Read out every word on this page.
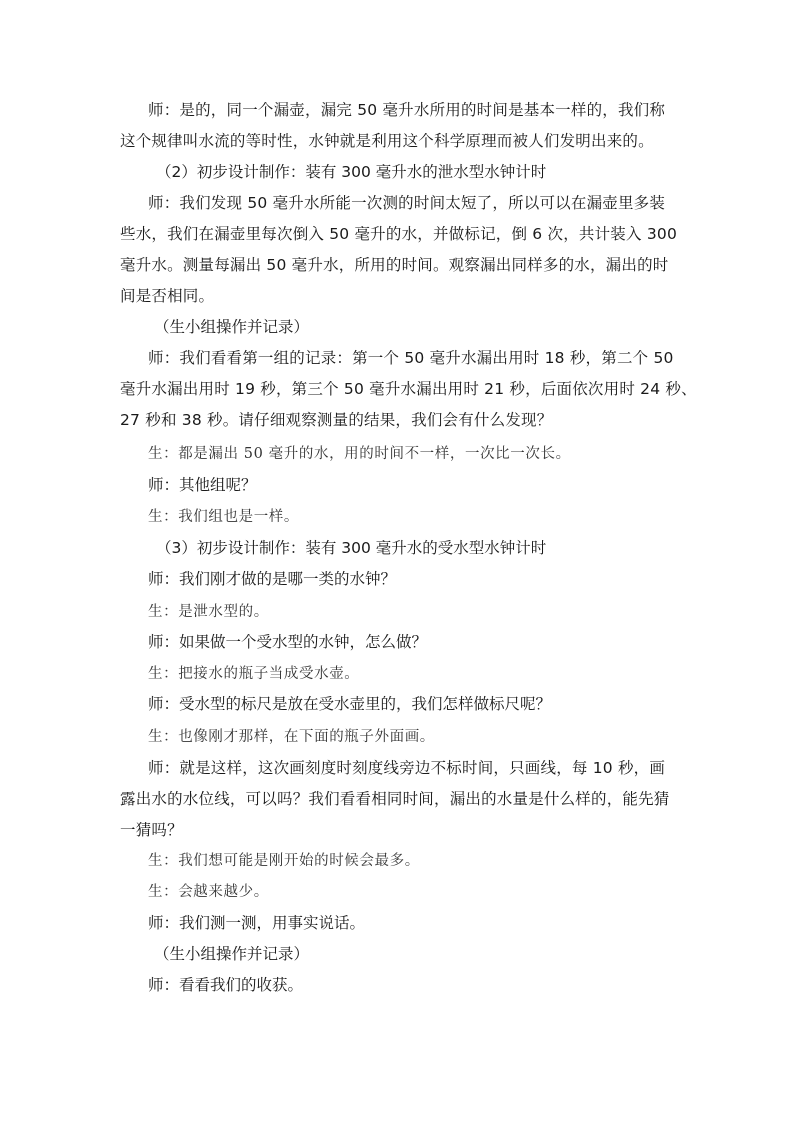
师：是的，同一个漏壶，漏完 50 毫升水所用的时间是基本一样的，我们称
这个规律叫水流的等时性，水钟就是利用这个科学原理而被人们发明出来的。

（2）初步设计制作：装有 300 毫升水的泄水型水钟计时

师：我们发现 50 毫升水所能一次测的时间太短了，所以可以在漏壶里多装
些水，我们在漏壶里每次倒入 50 毫升的水，并做标记，倒 6 次，共计装入 300
毫升水。测量每漏出 50 毫升水，所用的时间。观察漏出同样多的水，漏出的时
间是否相同。

（生小组操作并记录）

师：我们看看第一组的记录：第一个 50 毫升水漏出用时 18 秒，第二个 50
毫升水漏出用时 19 秒，第三个 50 毫升水漏出用时 21 秒，后面依次用时 24 秒、
27 秒和 38 秒。请仔细观察测量的结果，我们会有什么发现？

生：都是漏出 50 毫升的水，用的时间不一样，一次比一次长。

师：其他组呢？

生：我们组也是一样。

（3）初步设计制作：装有 300 毫升水的受水型水钟计时

师：我们刚才做的是哪一类的水钟？

生：是泄水型的。

师：如果做一个受水型的水钟，怎么做？

生：把接水的瓶子当成受水壶。

师：受水型的标尺是放在受水壶里的，我们怎样做标尺呢？

生：也像刚才那样，在下面的瓶子外面画。

师：就是这样，这次画刻度时刻度线旁边不标时间，只画线，每 10 秒，画
露出水的水位线，可以吗？我们看看相同时间，漏出的水量是什么样的，能先猜
一猜吗？

生：我们想可能是刚开始的时候会最多。

生：会越来越少。

师：我们测一测，用事实说话。

（生小组操作并记录）

师：看看我们的收获。
